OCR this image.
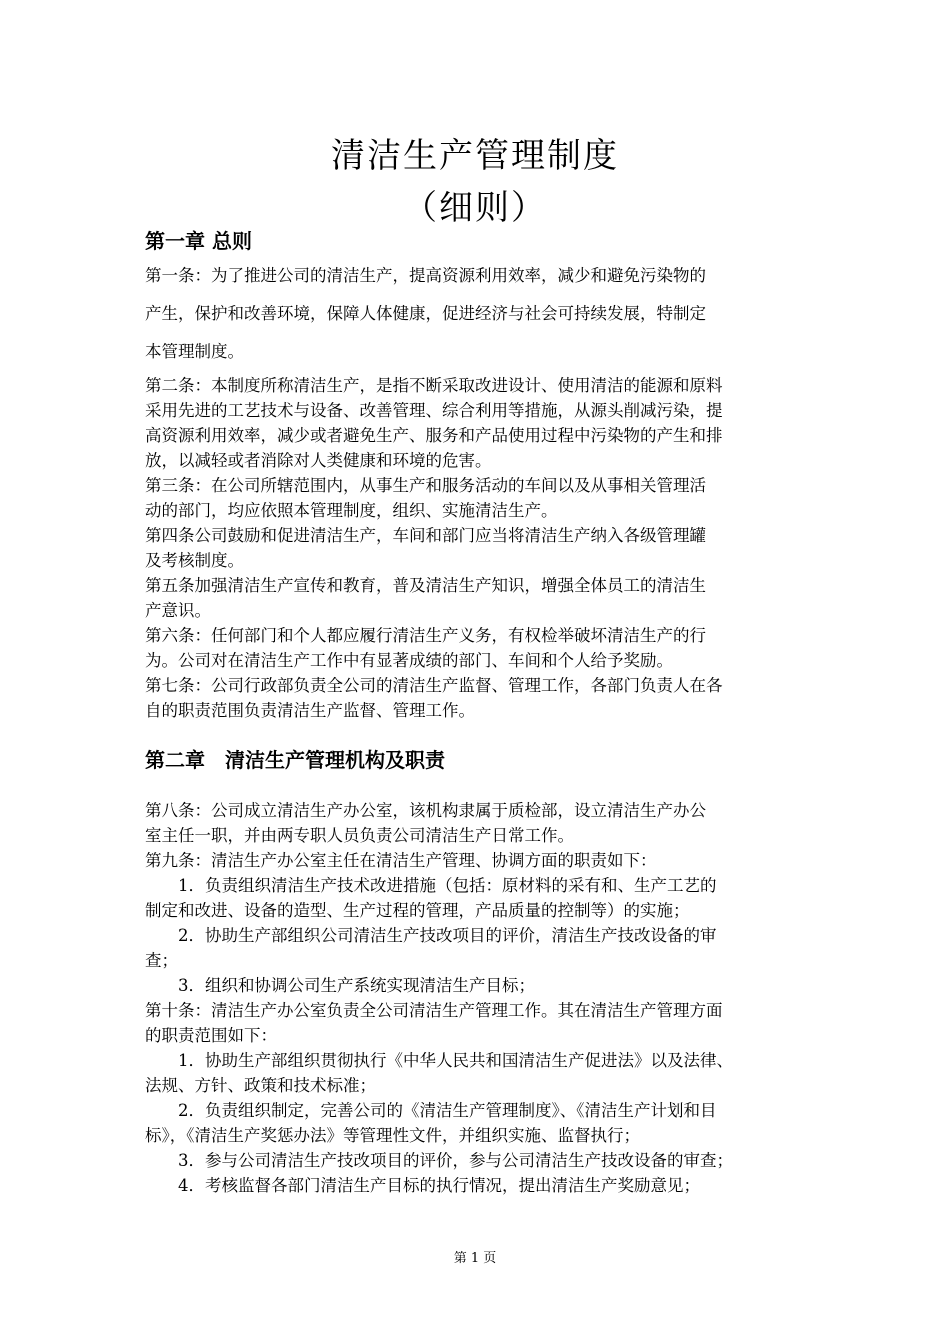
清洁生产管理制度
（细则）
第一章 总则
第一条：为了推进公司的清洁生产，提高资源利用效率，减少和避免污染物的
产生，保护和改善环境，保障人体健康，促进经济与社会可持续发展，特制定
本管理制度。
第二条：本制度所称清洁生产，是指不断采取改进设计、使用清洁的能源和原料
采用先进的工艺技术与设备、改善管理、综合利用等措施，从源头削减污染，提
高资源利用效率，减少或者避免生产、服务和产品使用过程中污染物的产生和排
放，以减轻或者消除对人类健康和环境的危害。
第三条：在公司所辖范围内，从事生产和服务活动的车间以及从事相关管理活
动的部门，均应依照本管理制度，组织、实施清洁生产。
第四条公司鼓励和促进清洁生产，车间和部门应当将清洁生产纳入各级管理罐
及考核制度。
第五条加强清洁生产宣传和教育，普及清洁生产知识，增强全体员工的清洁生
产意识。
第六条：任何部门和个人都应履行清洁生产义务，有权检举破坏清洁生产的行
为。公司对在清洁生产工作中有显著成绩的部门、车间和个人给予奖励。
第七条：公司行政部负责全公司的清洁生产监督、管理工作，各部门负责人在各
自的职责范围负责清洁生产监督、管理工作。
第二章　清洁生产管理机构及职责
第八条：公司成立清洁生产办公室，该机构隶属于质检部，设立清洁生产办公
室主任一职，并由两专职人员负责公司清洁生产日常工作。
第九条：清洁生产办公室主任在清洁生产管理、协调方面的职责如下：
1．负责组织清洁生产技术改进措施（包括：原材料的采有和、生产工艺的
制定和改进、设备的造型、生产过程的管理，产品质量的控制等）的实施；
2．协助生产部组织公司清洁生产技改项目的评价，清洁生产技改设备的审
查；
3．组织和协调公司生产系统实现清洁生产目标；
第十条：清洁生产办公室负责全公司清洁生产管理工作。其在清洁生产管理方面
的职责范围如下：
1．协助生产部组织贯彻执行《中华人民共和国清洁生产促进法》以及法律、
法规、方针、政策和技术标准；
2．负责组织制定，完善公司的《清洁生产管理制度》、《清洁生产计划和目
标》，《清洁生产奖惩办法》等管理性文件，并组织实施、监督执行；
3．参与公司清洁生产技改项目的评价，参与公司清洁生产技改设备的审查；
4．考核监督各部门清洁生产目标的执行情况，提出清洁生产奖励意见；
第 1 页
